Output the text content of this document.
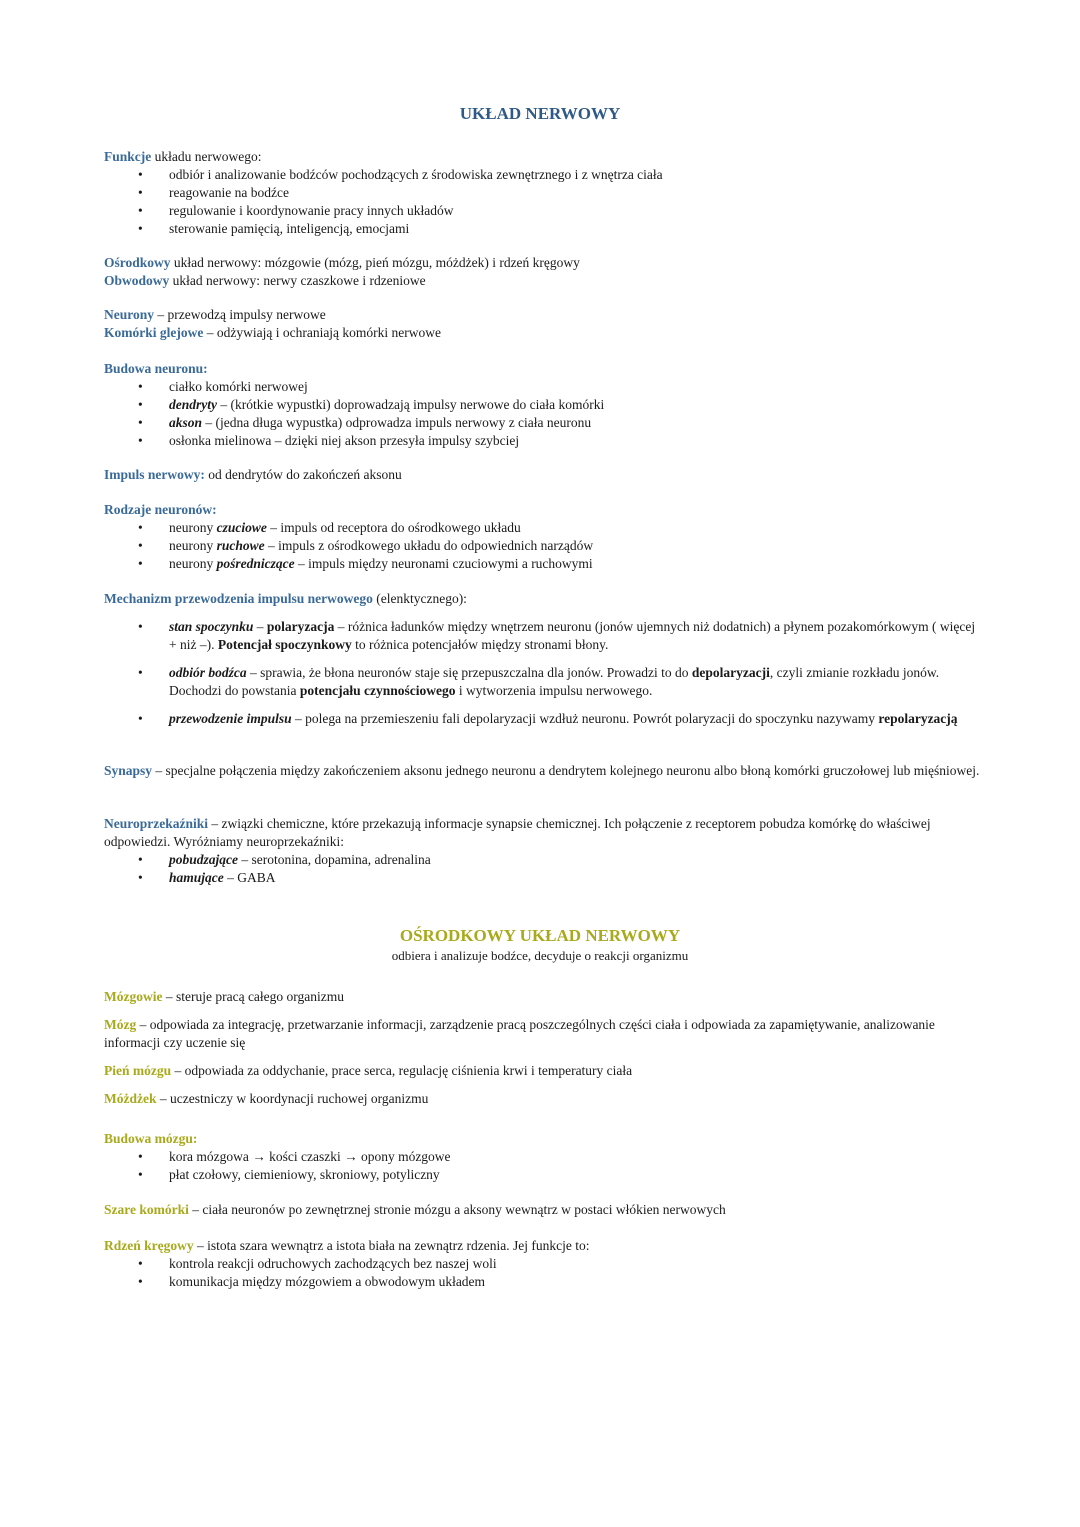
UKŁAD NERWOWY
Funkcje układu nerwowego:
• odbiór i analizowanie bodźców pochodzących z środowiska zewnętrznego i z wnętrza ciała
• reagowanie na bodźce
• regulowanie i koordynowanie pracy innych układów
• sterowanie pamięcią, inteligencją, emocjami
Ośrodkowy układ nerwowy: mózgowie (mózg, pień mózgu, móżdżek) i rdzeń kręgowy
Obwodowy układ nerwowy: nerwy czaszkowe i rdzeniowe
Neurony – przewodzą impulsy nerwowe
Komórki glejowe – odżywiają i ochraniają komórki nerwowe
Budowa neuronu:
• ciałko komórki nerwowej
• dendryty – (krótkie wypustki) doprowadzają impulsy nerwowe do ciała komórki
• akson – (jedna długa wypustka) odprowadza impuls nerwowy z ciała neuronu
• osłonka mielinowa – dzięki niej akson przesyła impulsy szybciej
Impuls nerwowy: od dendrytów do zakończeń aksonu
Rodzaje neuronów:
• neurony czuciowe – impuls od receptora do ośrodkowego układu
• neurony ruchowe – impuls z ośrodkowego układu do odpowiednich narządów
• neurony pośredniczące – impuls między neuronami czuciowymi a ruchowymi
Mechanizm przewodzenia impulsu nerwowego (elenktycznego):
• stan spoczynku – polaryzacja – różnica ładunków między wnętrzem neuronu (jonów ujemnych niż dodatnich) a płynem pozakomórkowym ( więcej + niż –). Potencjał spoczynkowy to różnica potencjałów między stronami błony.
• odbiór bodźca – sprawia, że błona neuronów staje się przepuszczalna dla jonów. Prowadzi to do depolaryzacji, czyli zmianie rozkładu jonów. Dochodzi do powstania potencjału czynnościowego i wytworzenia impulsu nerwowego.
• przewodzenie impulsu – polega na przemieszeniu fali depolaryzacji wzdłuż neuronu. Powrót polaryzacji do spoczynku nazywamy repolaryzacją
Synapsy – specjalne połączenia między zakończeniem aksonu jednego neuronu a dendrytem kolejnego neuronu albo błoną komórki gruczołowej lub mięśniowej.
Neuroprzekaźniki – związki chemiczne, które przekazują informacje synapsie chemicznej. Ich połączenie z receptorem pobudza komórkę do właściwej odpowiedzi. Wyróżniamy neuroprzekaźniki:
• pobudzające – serotonina, dopamina, adrenalina
• hamujące – GABA
OŚRODKOWY UKŁAD NERWOWY
odbiera i analizuje bodźce, decyduje o reakcji organizmu
Mózgowie – steruje pracą całego organizmu
Mózg – odpowiada za integrację, przetwarzanie informacji, zarządzenie pracą poszczególnych części ciała i odpowiada za zapamiętywanie, analizowanie informacji czy uczenie się
Pień mózgu – odpowiada za oddychanie, prace serca, regulację ciśnienia krwi i temperatury ciała
Móżdżek – uczestniczy w koordynacji ruchowej organizmu
Budowa mózgu:
• kora mózgowa → kości czaszki → opony mózgowe
• płat czołowy, ciemieniowy, skroniowy, potyliczny
Szare komórki – ciała neuronów po zewnętrznej stronie mózgu a aksony wewnątrz w postaci włókien nerwowych
Rdzeń kręgowy – istota szara wewnątrz a istota biała na zewnątrz rdzenia. Jej funkcje to:
• kontrola reakcji odruchowych zachodzących bez naszej woli
• komunikacja między mózgowiem a obwodowym układem
